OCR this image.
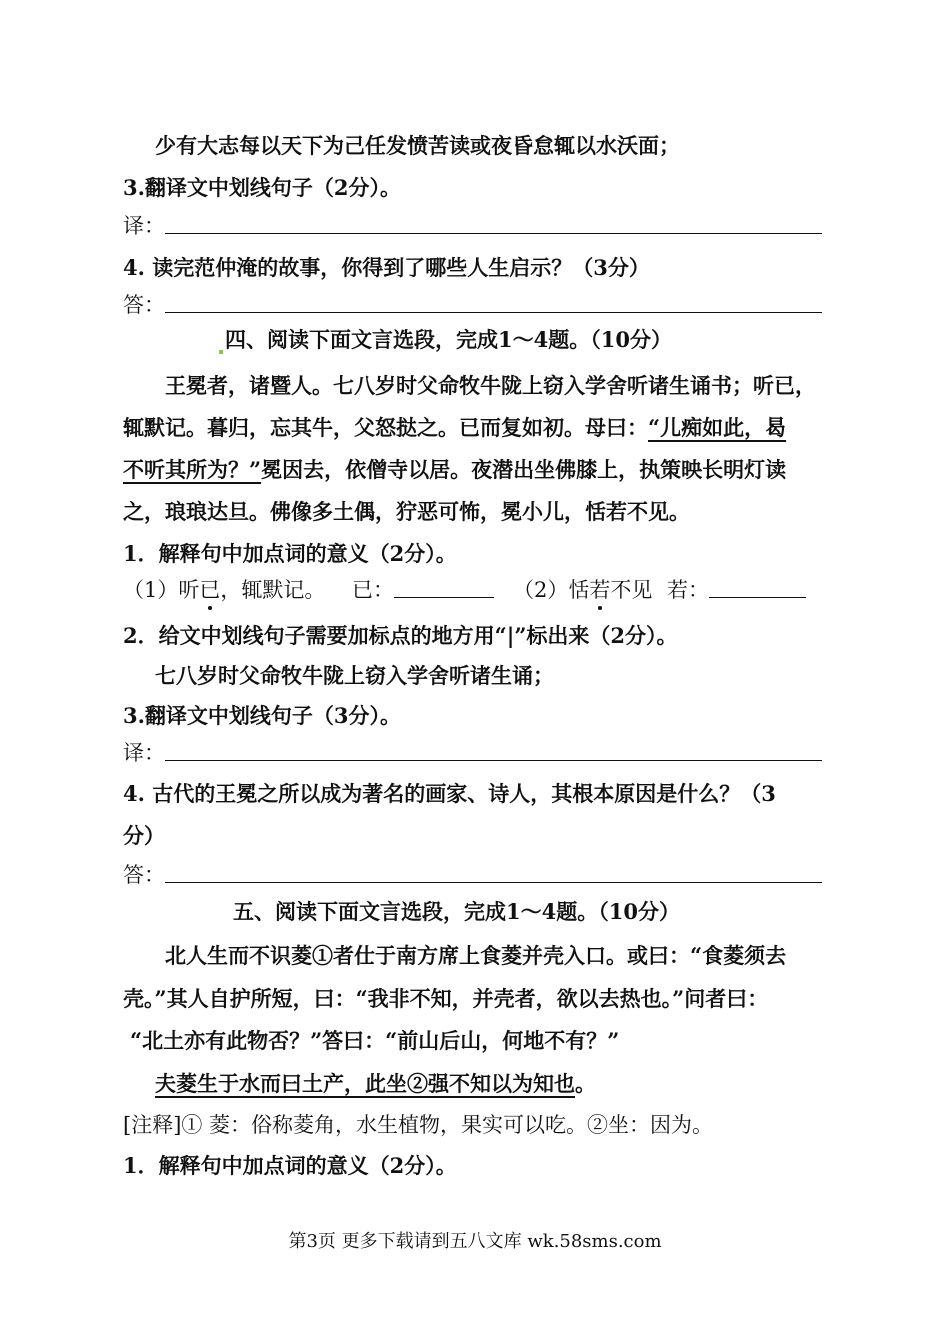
少有大志每以天下为己任发愤苦读或夜昏怠辄以水沃面；
3.翻译文中划线句子（2分）。
译：
4. 读完范仲淹的故事，你得到了哪些人生启示？（3分）
答：
四、阅读下面文言选段，完成1～4题。（10分）
王冕者，诸暨人。七八岁时父命牧牛陇上窃入学舍听诸生诵书；听已，
辄默记。暮归，忘其牛，父怒挞之。已而复如初。母曰：“儿痴如此，曷
不听其所为？”冕因去，依僧寺以居。夜潜出坐佛膝上，执策映长明灯读
之，琅琅达旦。佛像多土偶，狞恶可怖，冕小儿，恬若不见。
1．解释句中加点词的意义（2分）。
（1）听已，辄默记。 已：	（2）恬若不见 若：
2．给文中划线句子需要加标点的地方用“|”标出来（2分）。
七八岁时父命牧牛陇上窃入学舍听诸生诵；
3.翻译文中划线句子（3分）。
译：
4. 古代的王冕之所以成为著名的画家、诗人，其根本原因是什么？（3
分）
答：
五、阅读下面文言选段，完成1～4题。（10分）
北人生而不识菱①者仕于南方席上食菱并壳入口。或曰：“食菱须去
壳。”其人自护所短，曰：“我非不知，并壳者，欲以去热也。”问者曰：
“北土亦有此物否？”答曰：“前山后山，何地不有？”
夫菱生于水而曰土产，此坐②强不知以为知也。
[注释]① 菱：俗称菱角，水生植物，果实可以吃。②坐：因为。
1．解释句中加点词的意义（2分）。
第3页 更多下载请到五八文库 wk.58sms.com
